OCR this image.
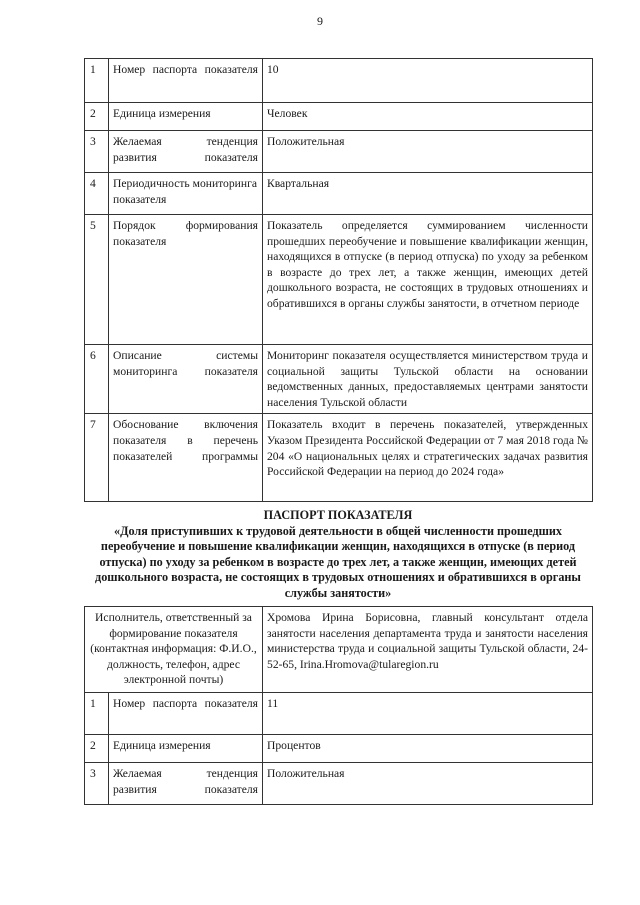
9
1	Номер паспорта показателя	10
2	Единица измерения	Человек
3	Желаемая тенденция развития показателя	Положительная
4	Периодичность мониторинга показателя	Квартальная
5	Порядок формирования показателя	Показатель определяется суммированием численности прошедших переобучение и повышение квалификации женщин, находящихся в отпуске (в период отпуска) по уходу за ребенком в возрасте до трех лет, а также женщин, имеющих детей дошкольного возраста, не состоящих в трудовых отношениях и обратившихся в органы службы занятости, в отчетном периоде
6	Описание системы мониторинга показателя	Мониторинг показателя осуществляется министерством труда и социальной защиты Тульской области на основании ведомственных данных, предоставляемых центрами занятости населения Тульской области
7	Обоснование включения показателя в перечень показателей программы	Показатель входит в перечень показателей, утвержденных Указом Президента Российской Федерации от 7 мая 2018 года № 204 «О национальных целях и стратегических задачах развития Российской Федерации на период до 2024 года»
ПАСПОРТ ПОКАЗАТЕЛЯ
«Доля приступивших к трудовой деятельности в общей численности прошедших переобучение и повышение квалификации женщин, находящихся в отпуске (в период отпуска) по уходу за ребенком в возрасте до трех лет, а также женщин, имеющих детей дошкольного возраста, не состоящих в трудовых отношениях и обратившихся в органы службы занятости»
Исполнитель, ответственный за формирование показателя (контактная информация: Ф.И.О., должность, телефон, адрес электронной почты)		Хромова Ирина Борисовна, главный консультант отдела занятости населения департамента труда и занятости населения министерства труда и социальной защиты Тульской области, 24-52-65, Irina.Hromova@tularegion.ru
1	Номер паспорта показателя	11
2	Единица измерения	Процентов
3	Желаемая тенденция развития показателя	Положительная
